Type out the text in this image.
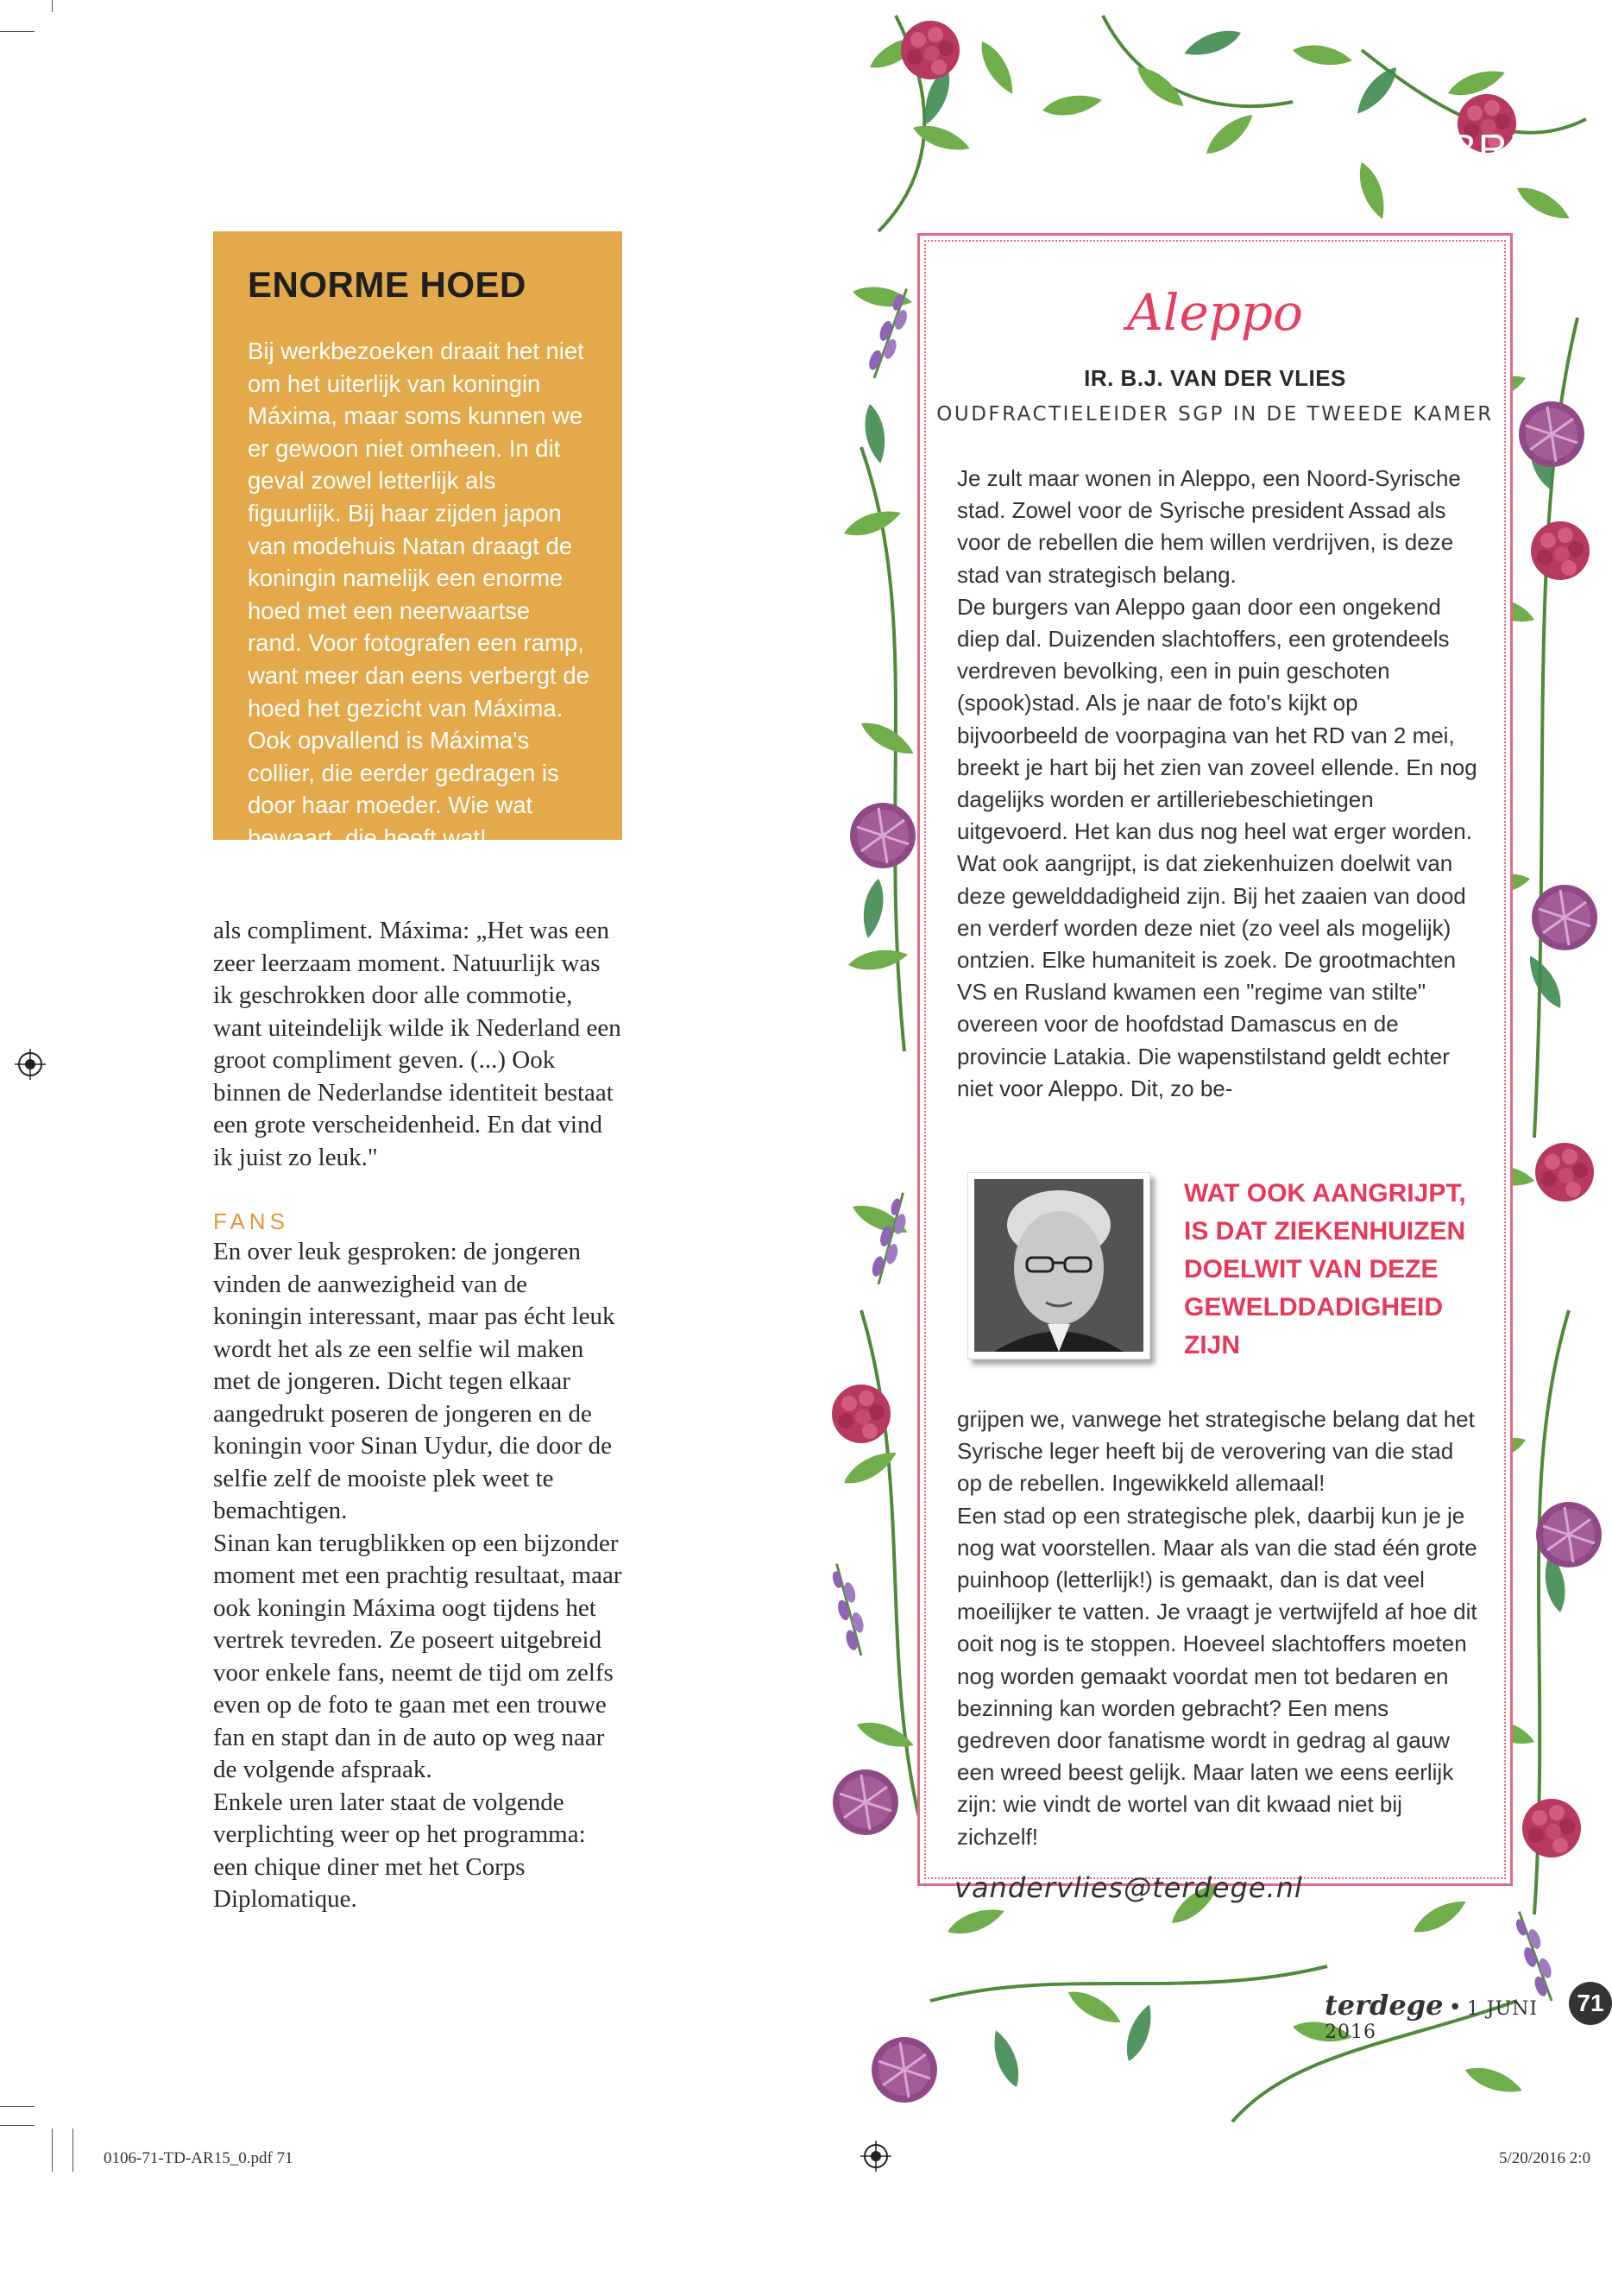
ENORME HOED

Bij werkbezoeken draait het niet om het uiterlijk van koningin Máxima, maar soms kunnen we er gewoon niet omheen. In dit geval zowel letterlijk als figuurlijk. Bij haar zijden japon van modehuis Natan draagt de koningin namelijk een enorme hoed met een neerwaartse rand. Voor fotografen een ramp, want meer dan eens verbergt de hoed het gezicht van Máxima. Ook opvallend is Máxima's collier, die eerder gedragen is door haar moeder. Wie wat bewaart, die heeft wat!

als compliment. Máxima: „Het was een zeer leerzaam moment. Natuurlijk was ik geschrokken door alle commotie, want uiteindelijk wilde ik Nederland een groot compliment geven. (...) Ook binnen de Nederlandse identiteit bestaat een grote verscheidenheid. En dat vind ik juist zo leuk."

FANS

En over leuk gesproken: de jongeren vinden de aanwezigheid van de koningin interessant, maar pas écht leuk wordt het als ze een selfie wil maken met de jongeren. Dicht tegen elkaar aangedrukt poseren de jongeren en de koningin voor Sinan Uydur, die door de selfie zelf de mooiste plek weet te bemachtigen.

Sinan kan terugblikken op een bijzonder moment met een prachtig resultaat, maar ook koningin Máxima oogt tijdens het vertrek tevreden. Ze poseert uitgebreid voor enkele fans, neemt de tijd om zelfs even op de foto te gaan met een trouwe fan en stapt dan in de auto op weg naar de volgende afspraak.

Enkele uren later staat de volgende verplichting weer op het programma: een chique diner met het Corps Diplomatique.

RUBRIEK
Aleppo
IR. B.J. VAN DER VLIES
OUDFRACTIELEIDER SGP IN DE TWEEDE KAMER

Je zult maar wonen in Aleppo, een Noord-Syrische stad. Zowel voor de Syrische president Assad als voor de rebellen die hem willen verdrijven, is deze stad van strategisch belang.

De burgers van Aleppo gaan door een ongekend diep dal. Duizenden slachtoffers, een grotendeels verdreven bevolking, een in puin geschoten (spook)stad. Als je naar de foto's kijkt op bijvoorbeeld de voorpagina van het RD van 2 mei, breekt je hart bij het zien van zoveel ellende. En nog dagelijks worden er artilleriebeschietingen uitgevoerd. Het kan dus nog heel wat erger worden.

Wat ook aangrijpt, is dat ziekenhuizen doelwit van deze gewelddadigheid zijn. Bij het zaaien van dood en verderf worden deze niet (zo veel als mogelijk) ontzien. Elke humaniteit is zoek. De grootmachten VS en Rusland kwamen een "regime van stilte" overeen voor de hoofdstad Damascus en de provincie Latakia. Die wapenstilstand geldt echter niet voor Aleppo. Dit, zo be-

WAT OOK AANGRIJPT, IS DAT ZIEKENHUIZEN DOELWIT VAN DEZE GEWELDDADIGHEID ZIJN

grijpen we, vanwege het strategische belang dat het Syrische leger heeft bij de verovering van die stad op de rebellen. Ingewikkeld allemaal!

Een stad op een strategische plek, daarbij kun je je nog wat voorstellen. Maar als van die stad één grote puinhoop (letterlijk!) is gemaakt, dan is dat veel moeilijker te vatten. Je vraagt je vertwijfeld af hoe dit ooit nog is te stoppen. Hoeveel slachtoffers moeten nog worden gemaakt voordat men tot bedaren en bezinning kan worden gebracht? Een mens gedreven door fanatisme wordt in gedrag al gauw een wreed beest gelijk. Maar laten we eens eerlijk zijn: wie vindt de wortel van dit kwaad niet bij zichzelf!

vandervlies@terdege.nl
terdege • 1 JUNI 2016
71
0106-71-TD-AR15_0.pdf 71	5/20/2016 2:0
